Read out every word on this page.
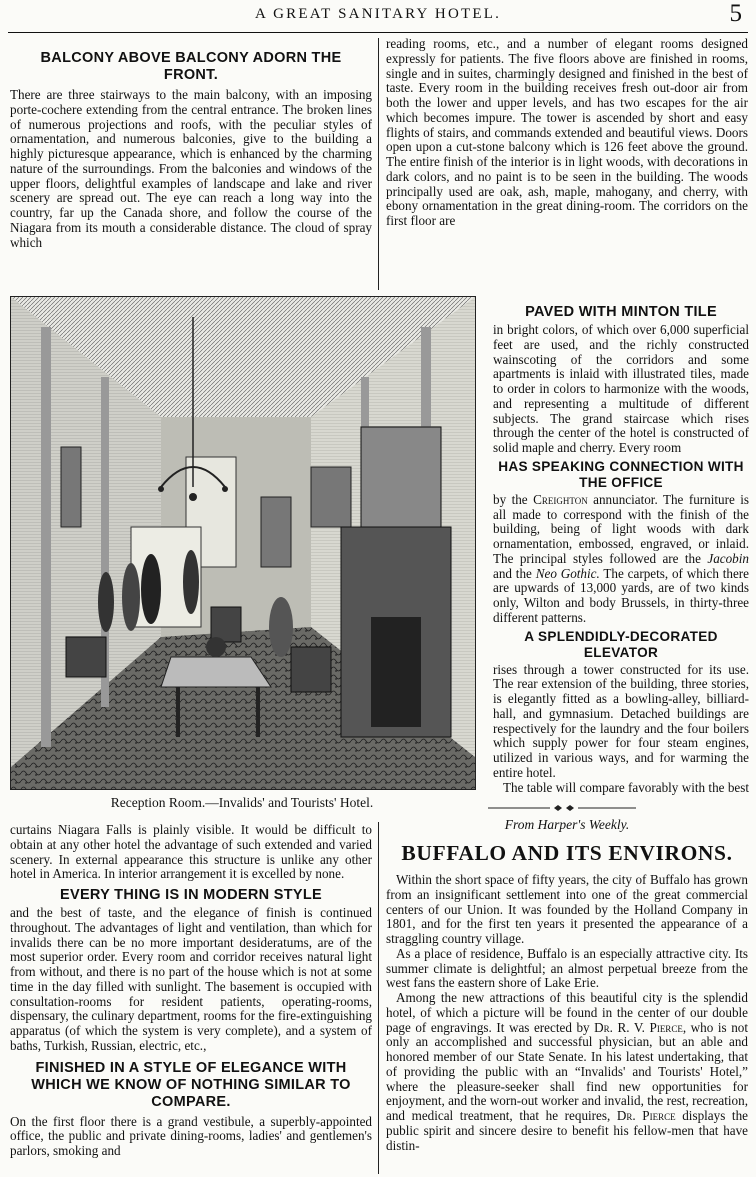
A GREAT SANITARY HOTEL.	5

BALCONY ABOVE BALCONY ADORN THE FRONT.

There are three stairways to the main balcony, with an imposing porte-cochere extending from the central entrance. The broken lines of numerous projections and roofs, with the peculiar styles of ornamentation, and numerous balconies, give to the building a highly picturesque appearance, which is enhanced by the charming nature of the surroundings. From the balconies and windows of the upper floors, delightful examples of landscape and lake and river scenery are spread out. The eye can reach a long way into the country, far up the Canada shore, and follow the course of the Niagara from its mouth a considerable distance. The cloud of spray which

reading rooms, etc., and a number of elegant rooms designed expressly for patients. The five floors above are finished in rooms, single and in suites, charmingly designed and finished in the best of taste. Every room in the building receives fresh out-door air from both the lower and upper levels, and has two escapes for the air which becomes impure. The tower is ascended by short and easy flights of stairs, and commands extended and beautiful views. Doors open upon a cut-stone balcony which is 126 feet above the ground. The entire finish of the interior is in light woods, with decorations in dark colors, and no paint is to be seen in the building. The woods principally used are oak, ash, maple, mahogany, and cherry, with ebony ornamentation in the great dining-room. The corridors on the first floor are

Reception Room.—Invalids' and Tourists' Hotel.

PAVED WITH MINTON TILE

in bright colors, of which over 6,000 superficial feet are used, and the richly constructed wainscoting of the corridors and some apartments is inlaid with illustrated tiles, made to order in colors to harmonize with the woods, and representing a multitude of different subjects. The grand staircase which rises through the center of the hotel is constructed of solid maple and cherry. Every room

HAS SPEAKING CONNECTION WITH THE OFFICE

by the Creighton annunciator. The furniture is all made to correspond with the finish of the building, being of light woods with dark ornamentation, embossed, engraved, or inlaid. The principal styles followed are the Jacobin and the Neo Gothic. The carpets, of which there are upwards of 13,000 yards, are of two kinds only, Wilton and body Brussels, in thirty-three different patterns.

A SPLENDIDLY-DECORATED ELEVATOR

rises through a tower constructed for its use. The rear extension of the building, three stories, is elegantly fitted as a bowling-alley, billiard-hall, and gymnasium. Detached buildings are respectively for the laundry and the four boilers which supply power for four steam engines, utilized in various ways, and for warming the entire hotel.

The table will compare favorably with the best

curtains Niagara Falls is plainly visible. It would be difficult to obtain at any other hotel the advantage of such extended and varied scenery. In external appearance this structure is unlike any other hotel in America. In interior arrangement it is excelled by none.

EVERY THING IS IN MODERN STYLE

and the best of taste, and the elegance of finish is continued throughout. The advantages of light and ventilation, than which for invalids there can be no more important desideratums, are of the most superior order. Every room and corridor receives natural light from without, and there is no part of the house which is not at some time in the day filled with sunlight. The basement is occupied with consultation-rooms for resident patients, operating-rooms, dispensary, the culinary department, rooms for the fire-extinguishing apparatus (of which the system is very complete), and a system of baths, Turkish, Russian, electric, etc.,

FINISHED IN A STYLE OF ELEGANCE WITH WHICH WE KNOW OF NOTHING SIMILAR TO COMPARE.

On the first floor there is a grand vestibule, a superbly-appointed office, the public and private dining-rooms, ladies' and gentlemen's parlors, smoking and

From Harper's Weekly.

BUFFALO AND ITS ENVIRONS.

Within the short space of fifty years, the city of Buffalo has grown from an insignificant settlement into one of the great commercial centers of our Union. It was founded by the Holland Company in 1801, and for the first ten years it presented the appearance of a straggling country village.

As a place of residence, Buffalo is an especially attractive city. Its summer climate is delightful; an almost perpetual breeze from the west fans the eastern shore of Lake Erie.

Among the new attractions of this beautiful city is the splendid hotel, of which a picture will be found in the center of our double page of engravings. It was erected by Dr. R. V. Pierce, who is not only an accomplished and successful physician, but an able and honored member of our State Senate. In his latest undertaking, that of providing the public with an “Invalids' and Tourists' Hotel,” where the pleasure-seeker shall find new opportunities for enjoyment, and the worn-out worker and invalid, the rest, recreation, and medical treatment, that he requires, Dr. Pierce displays the public spirit and sincere desire to benefit his fellow-men that have distin-
